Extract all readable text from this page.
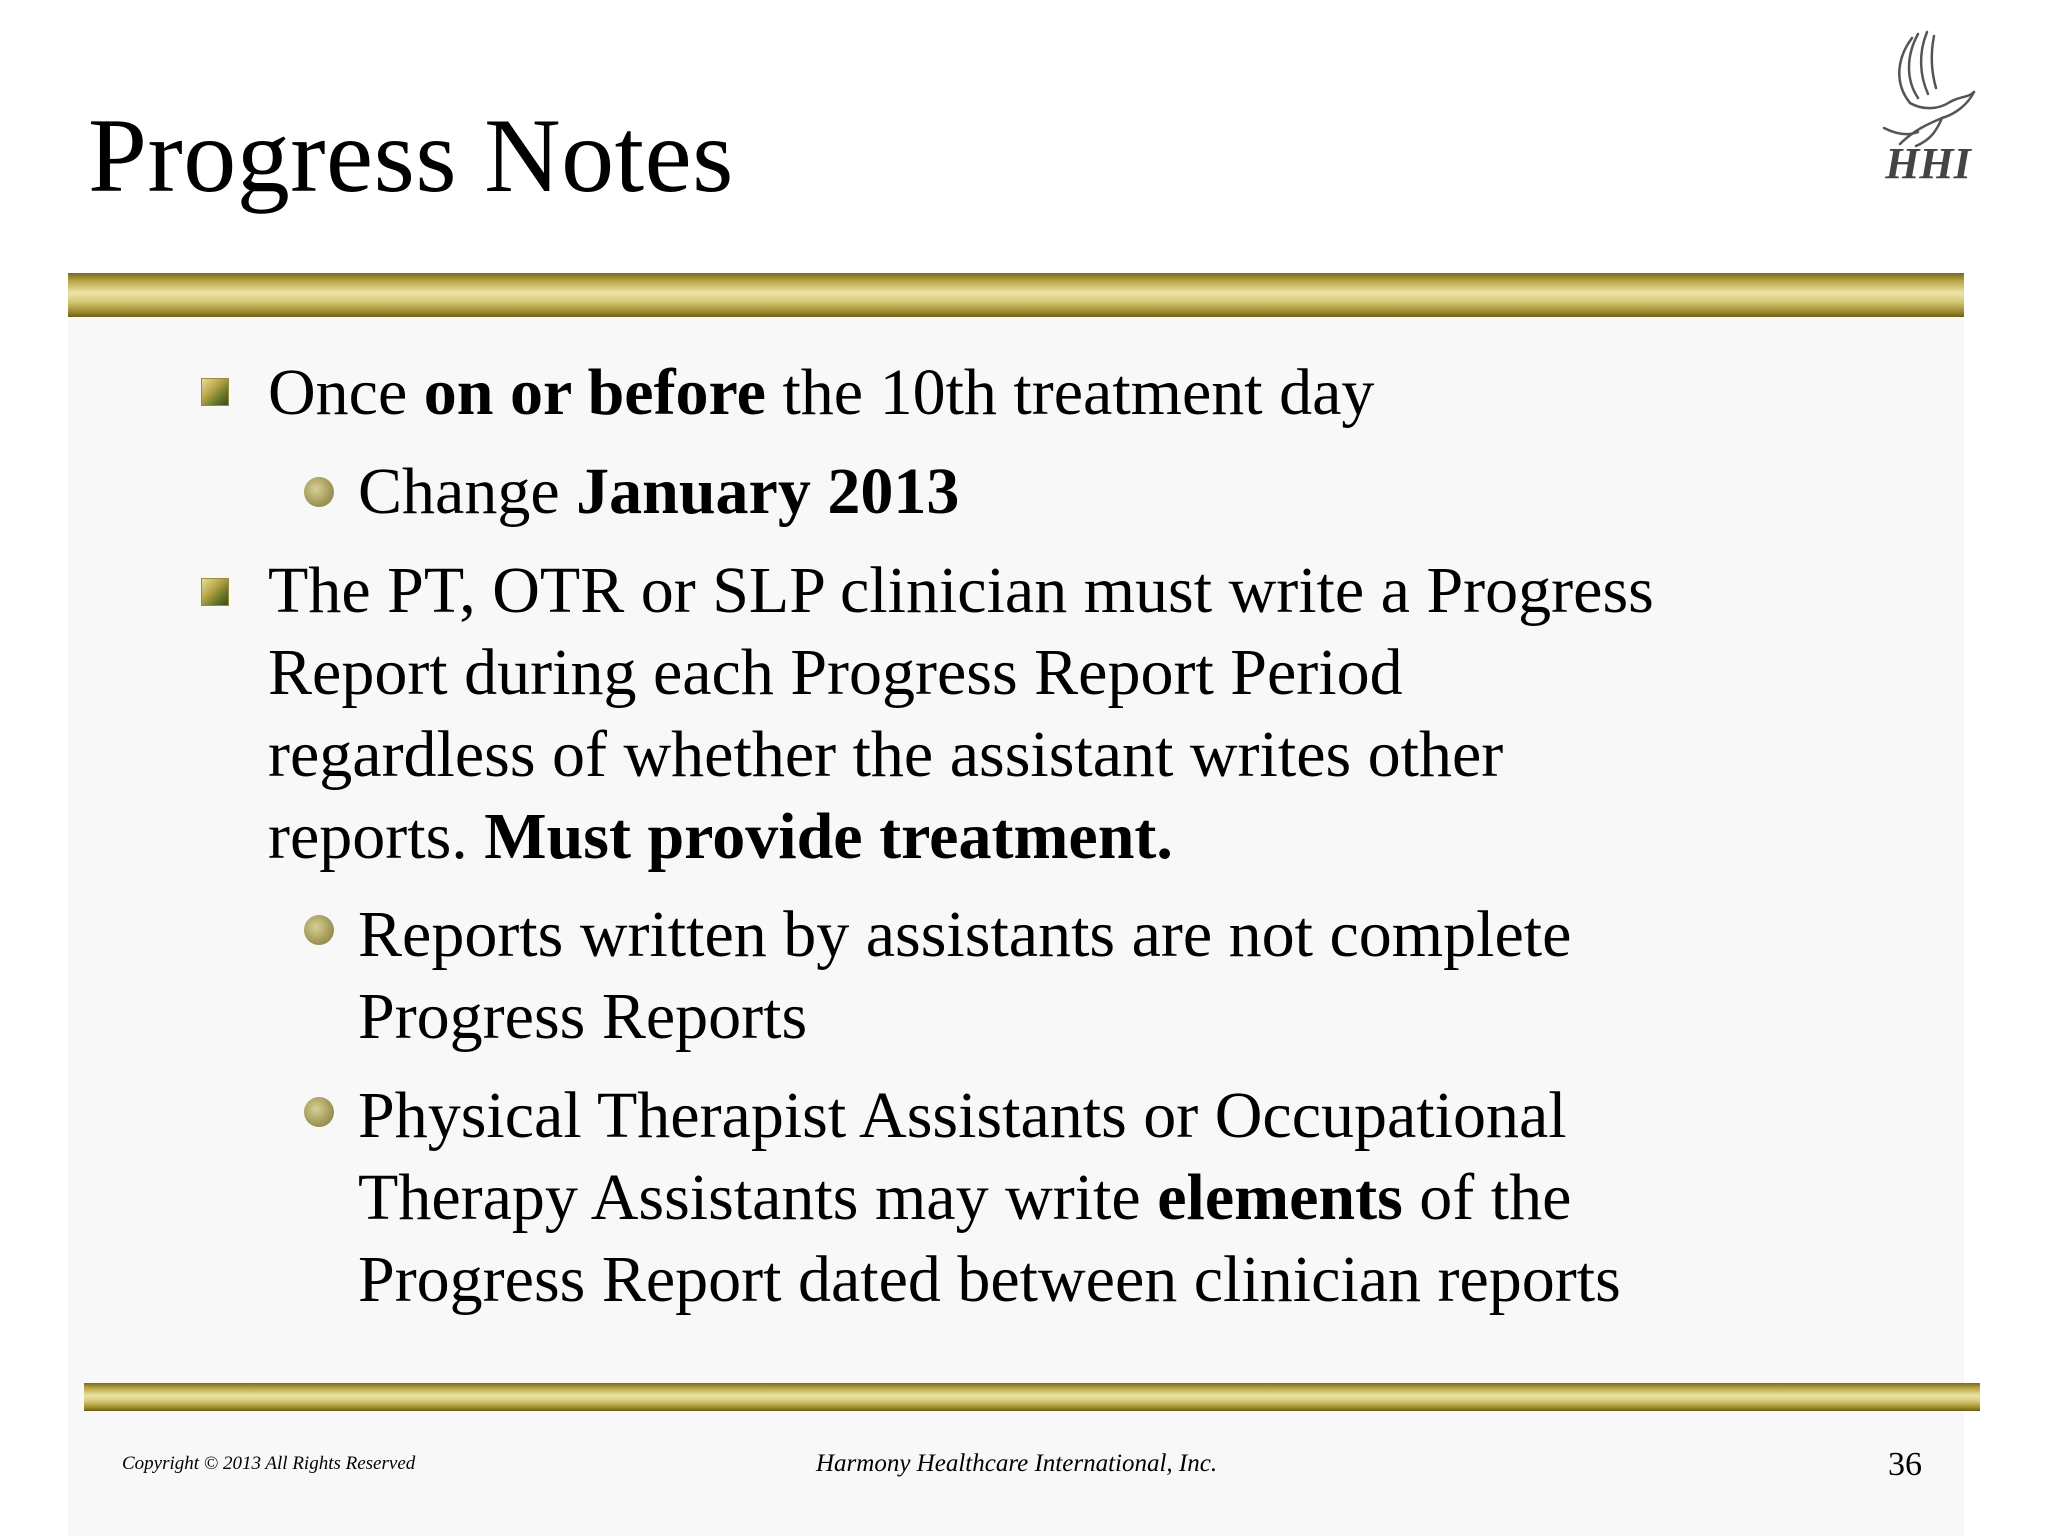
Progress Notes	HHI
Once on or before the 10th treatment day
Change January 2013
The PT, OTR or SLP clinician must write a Progress
Report during each Progress Report Period
regardless of whether the assistant writes other
reports. Must provide treatment.
Reports written by assistants are not complete
Progress Reports
Physical Therapist Assistants or Occupational
Therapy Assistants may write elements of the
Progress Report dated between clinician reports
Copyright © 2013 All Rights Reserved	Harmony Healthcare International, Inc.	36
